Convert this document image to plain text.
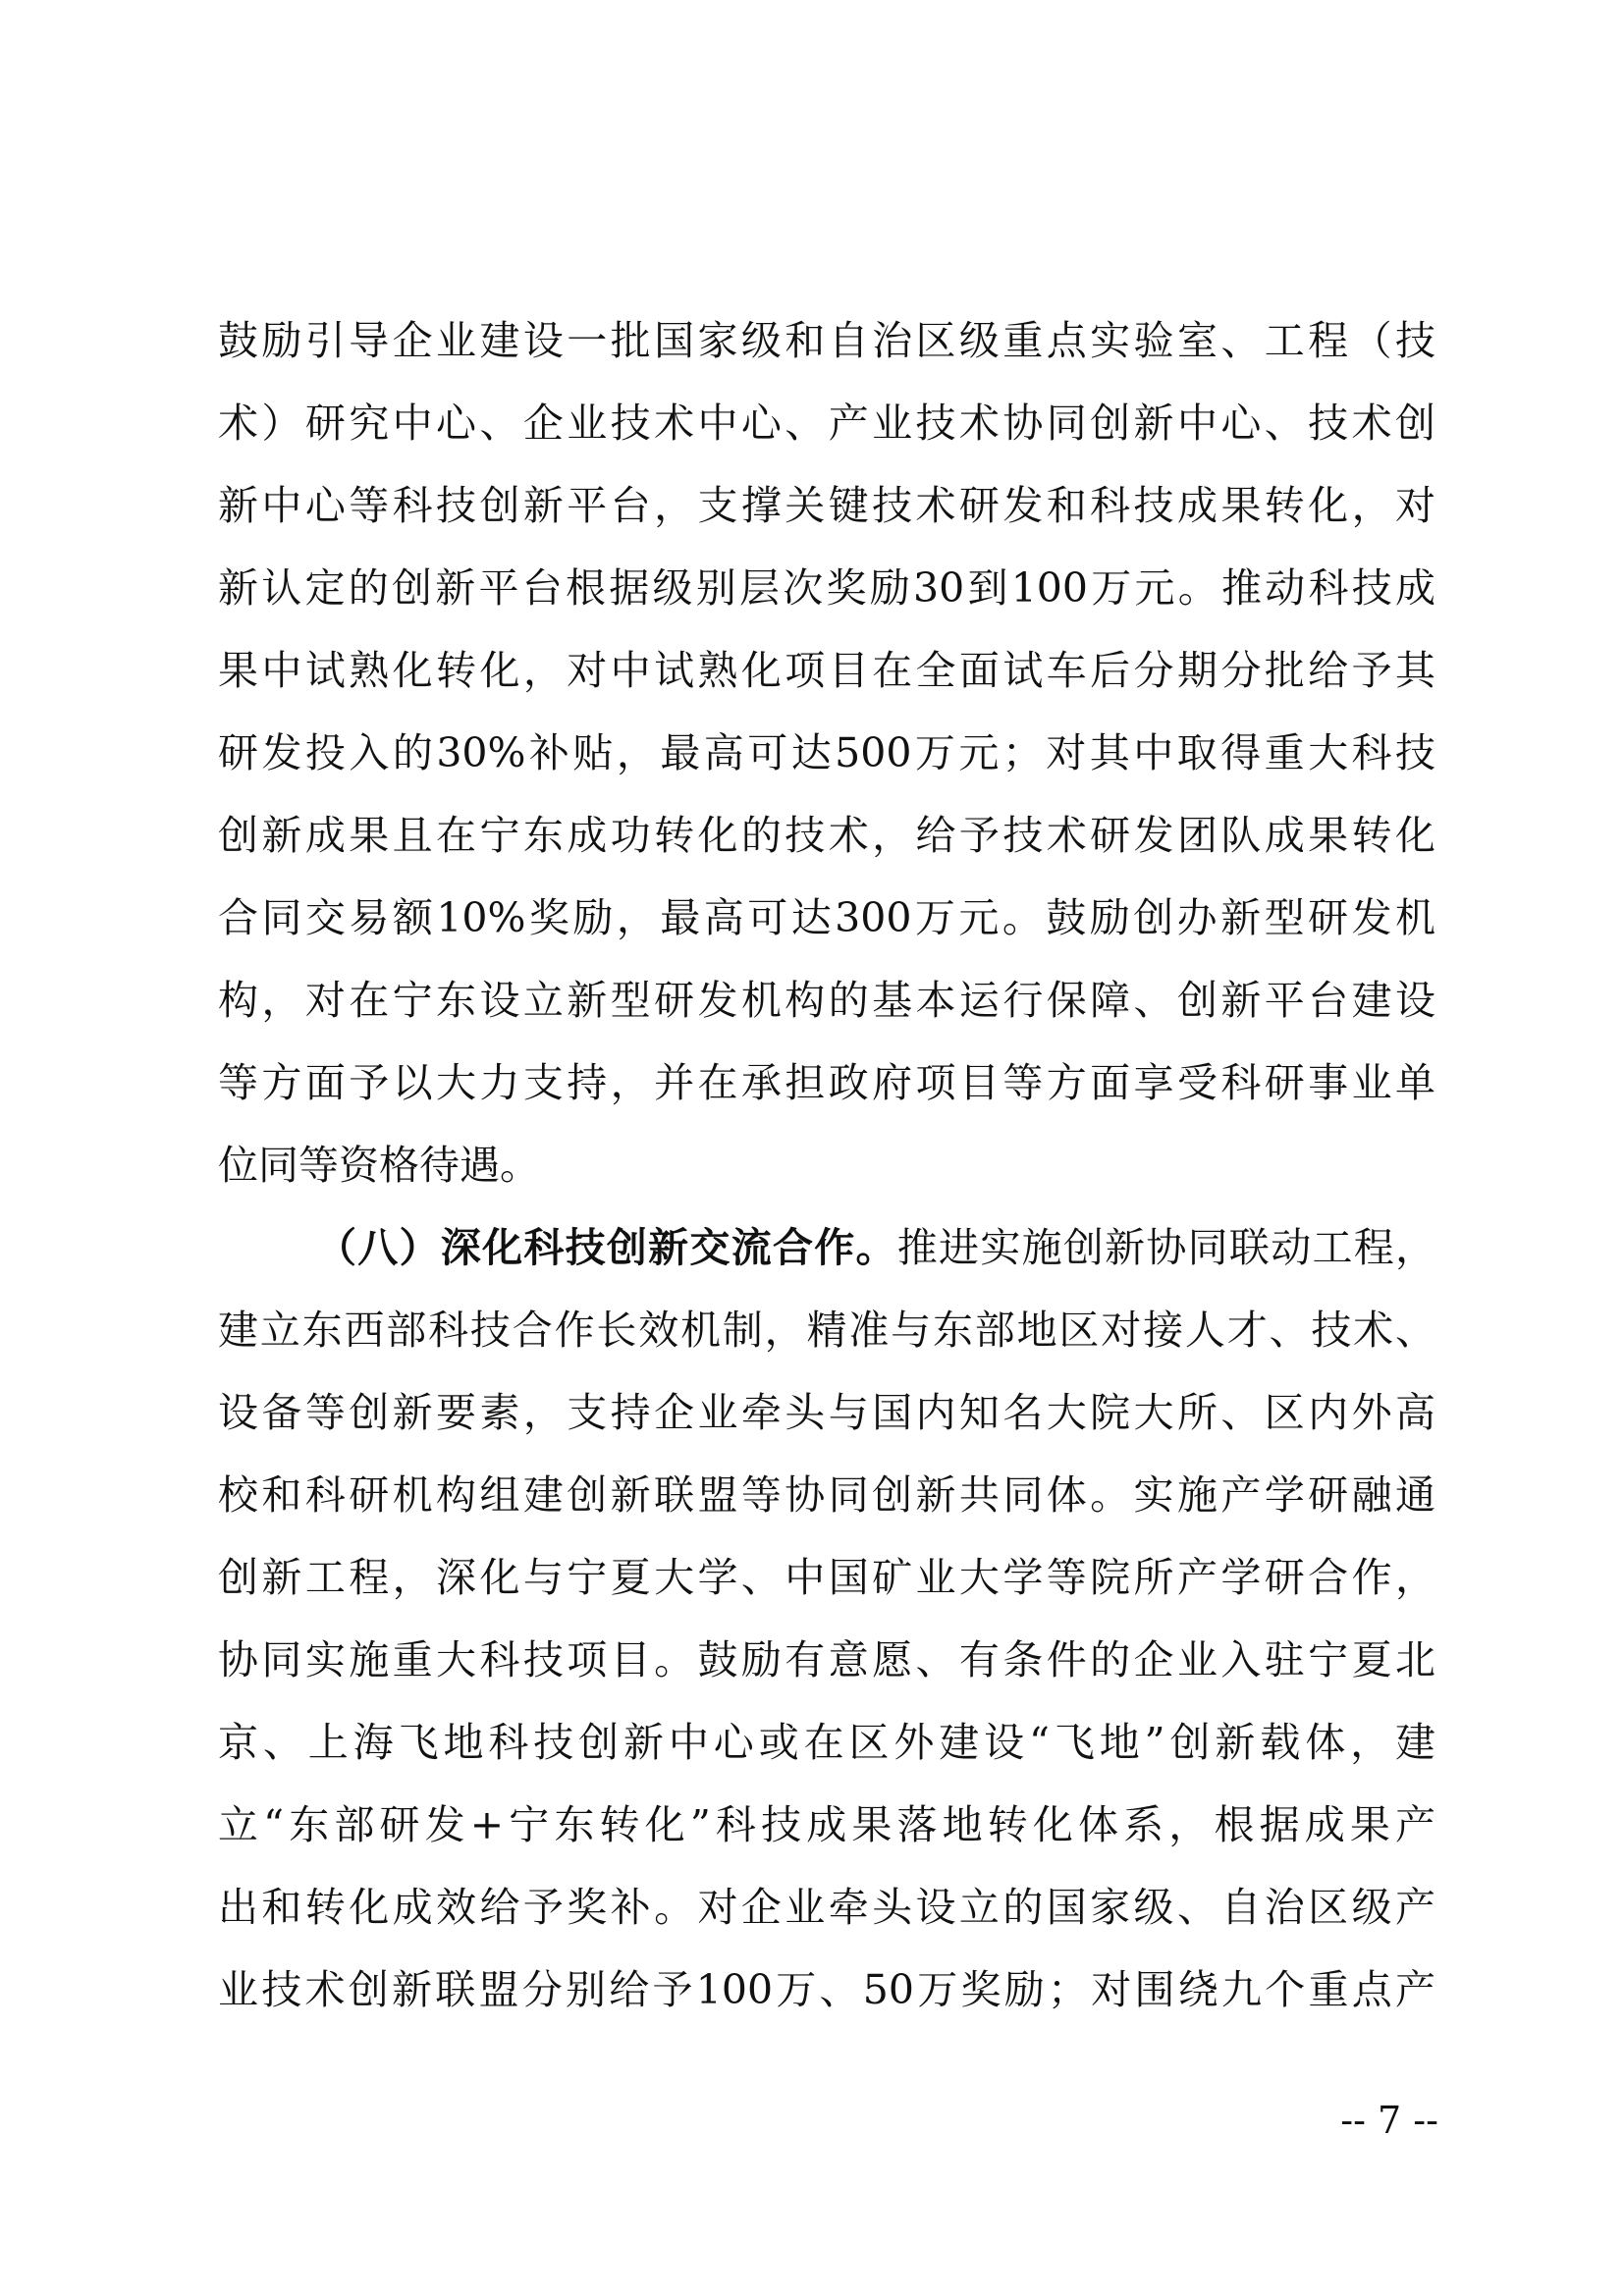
鼓励引导企业建设一批国家级和自治区级重点实验室、工程（技
术）研究中心、企业技术中心、产业技术协同创新中心、技术创
新中心等科技创新平台，支撑关键技术研发和科技成果转化，对
新认定的创新平台根据级别层次奖励30到100万元。推动科技成
果中试熟化转化，对中试熟化项目在全面试车后分期分批给予其
研发投入的30%补贴，最高可达500万元；对其中取得重大科技
创新成果且在宁东成功转化的技术，给予技术研发团队成果转化
合同交易额10%奖励，最高可达300万元。鼓励创办新型研发机
构，对在宁东设立新型研发机构的基本运行保障、创新平台建设
等方面予以大力支持，并在承担政府项目等方面享受科研事业单
位同等资格待遇。
（八）深化科技创新交流合作。推进实施创新协同联动工程，
建立东西部科技合作长效机制，精准与东部地区对接人才、技术、
设备等创新要素，支持企业牵头与国内知名大院大所、区内外高
校和科研机构组建创新联盟等协同创新共同体。实施产学研融通
创新工程，深化与宁夏大学、中国矿业大学等院所产学研合作，
协同实施重大科技项目。鼓励有意愿、有条件的企业入驻宁夏北
京、上海飞地科技创新中心或在区外建设“飞地”创新载体，建
立“东部研发+宁东转化”科技成果落地转化体系，根据成果产
出和转化成效给予奖补。对企业牵头设立的国家级、自治区级产
业技术创新联盟分别给予100万、50万奖励；对围绕九个重点产
-- 7 --
